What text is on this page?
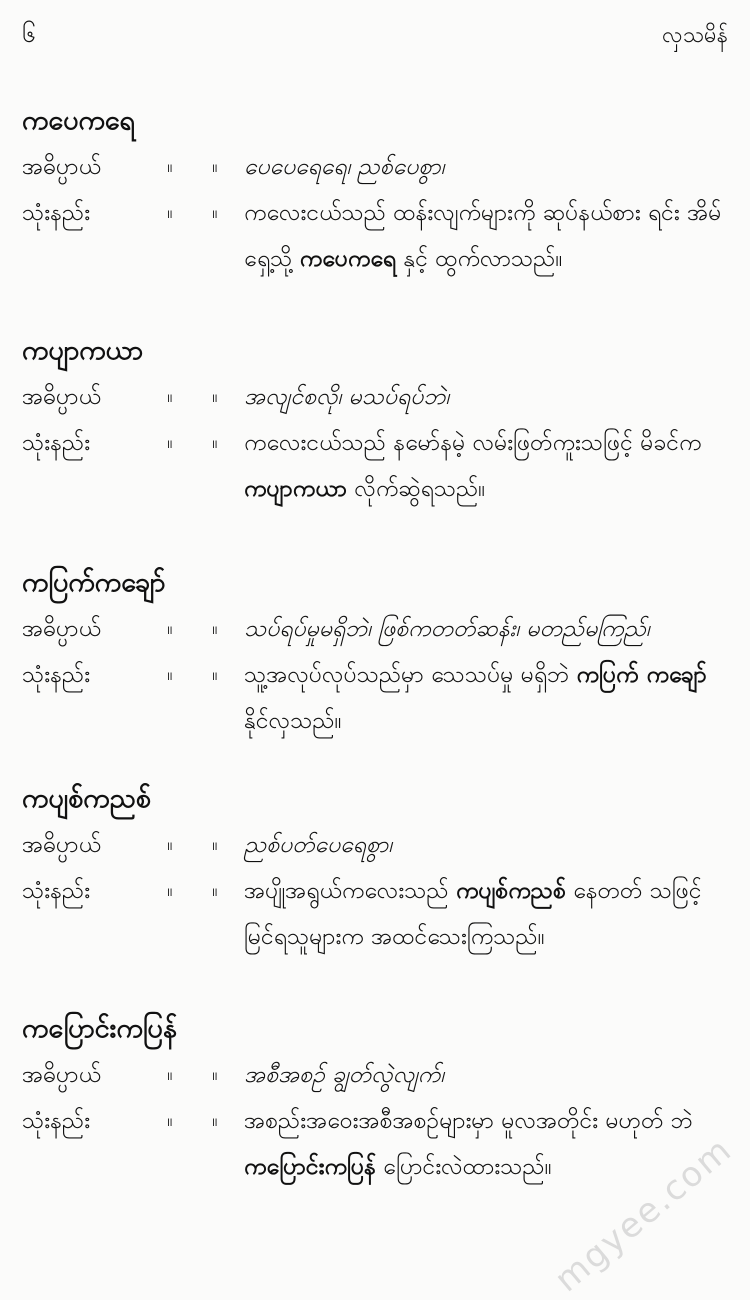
၆	လှသမိန်
ကပေကရေ
အဓိပ္ပာယ်	။ ။ ပေပေရေရေ၊ ညစ်ပေစွာ၊
သုံးနည်း	။ ။ ကလေးငယ်သည် ထန်းလျက်များကို ဆုပ်နယ်စား ရင်း အိမ်ရှေ့သို့ ကပေကရေ နှင့် ထွက်လာသည်။
ကပျာကယာ
အဓိပ္ပာယ်	။ ။ အလျင်စလို၊ မသပ်ရပ်ဘဲ၊
သုံးနည်း	။ ။ ကလေးငယ်သည် နမော်နမဲ့ လမ်းဖြတ်ကူးသဖြင့် မိခင်က ကပျာကယာ လိုက်ဆွဲရသည်။
ကပြက်ကချော်
အဓိပ္ပာယ်	။ ။ သပ်ရပ်မှုမရှိဘဲ၊ ဖြစ်ကတတ်ဆန်း၊ မတည်မကြည်၊
သုံးနည်း	။ ။ သူ့အလုပ်လုပ်သည်မှာ သေသပ်မှု မရှိဘဲ ကပြက် ကချော် နိုင်လှသည်။
ကပျစ်ကညစ်
အဓိပ္ပာယ်	။ ။ ညစ်ပတ်ပေရေစွာ၊
သုံးနည်း	။ ။ အပျိုအရွယ်ကလေးသည် ကပျစ်ကညစ် နေတတ် သဖြင့် မြင်ရသူများက အထင်သေးကြသည်။
ကပြောင်းကပြန်
အဓိပ္ပာယ်	။ ။ အစီအစဉ် ချွတ်လွဲလျက်၊
သုံးနည်း	။ ။ အစည်းအဝေးအစီအစဉ်များမှာ မူလအတိုင်း မဟုတ် ဘဲ ကပြောင်းကပြန် ပြောင်းလဲထားသည်။
mgyee.com
